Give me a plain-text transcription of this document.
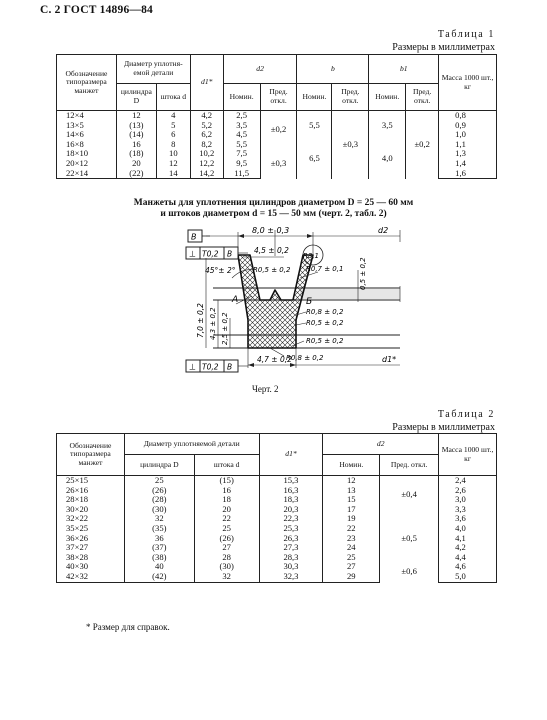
С. 2 ГОСТ 14896—84
Таблица 1
Размеры в миллиметрах
Обозначение типоразмера манжет	Диаметр уплотня-емой детали		d1*	d2		b		b1		Масса 1000 шт., кг
	цилиндра D	штока d		Номин.	Пред. откл.	Номин.	Пред. откл.	Номин.	Пред. откл.	
12×4	12	4	4,2	2,5	±0,2	5,5	±0,3	3,5	±0,2	0,8
13×5	(13)	5	5,2	3,5						0,9
14×6	(14)	6	6,2	4,5						1,0
16×8	16	8	8,2	5,5		6,5		4,0		1,1
18×10	(18)	10	10,2	7,5	±0,3					1,3
20×12	20	12	12,2	9,5						1,4
22×14	(22)	14	14,2	11,5						1,6
Манжеты для уплотнения цилиндров диаметром D = 25 — 60 мм
и штоков диаметром d = 15 — 50 мм (черт. 2, табл. 2)
8,0 ± 0,3	d2
В
⊥ T0,2 В	4,5 ± 0,2
45°± 2°	R0,5 ± 0,2
R3,1
R0,7 ± 0,1 0,5 ± 0,2
А	Б
R0,8 ± 0,2
R0,5 ± 0,2
R0,5 ± 0,2
R0,8 ± 0,2
7,0 ± 0,2 4,3 ± 0,2 2,5 ± 0,2
4,7 ± 0,2	d1*
⊥ T0,2 В
Черт. 2
Таблица 2
Размеры в миллиметрах
Обозначение типоразмера манжет	Диаметр уплотняемой детали		d1*	d2		Масса 1000 шт., кг
	цилиндра D	штока d		Номин.	Пред. откл.	
25×15	25	(15)	15,3	12	±0,4	2,4
26×16	(26)	16	16,3	13		2,6
28×18	(28)	18	18,3	15		3,0
30×20	(30)	20	20,3	17		3,3
32×22	32	22	22,3	19	±0,5	3,6
35×25	(35)	25	25,3	22		4,0
36×26	36	(26)	26,3	23		4,1
37×27	(37)	27	27,3	24		4,2
38×28	(38)	28	28,3	25		4,4
40×30	40	(30)	30,3	27	±0,6	4,6
42×32	(42)	32	32,3	29		5,0
* Размер для справок.
